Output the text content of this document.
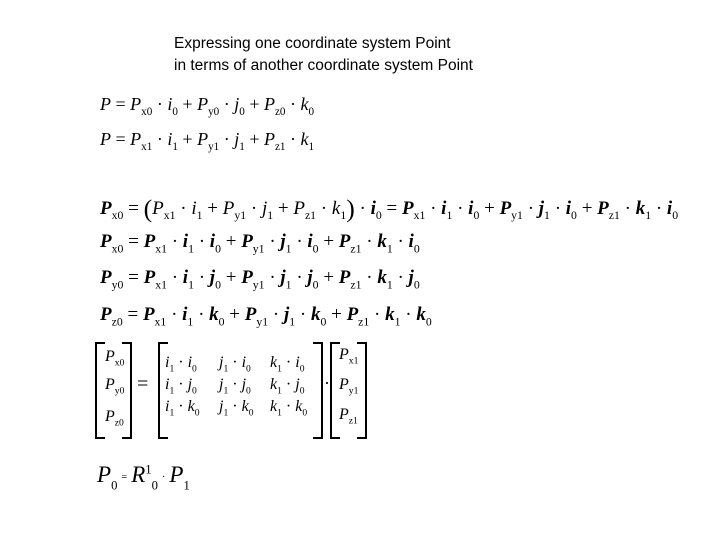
Expressing one coordinate system Point
in terms of another coordinate system Point
$P = P_{x0} \cdot i_0 + P_{y0} \cdot j_0 + P_{z0} \cdot k_0$
$P = P_{x1} \cdot i_1 + P_{y1} \cdot j_1 + P_{z1} \cdot k_1$
$P_{x0} = (P_{x1} \cdot i_1 + P_{y1} \cdot j_1 + P_{z1} \cdot k_1) \cdot i_0 = P_{x1} \cdot i_1 \cdot i_0 + P_{y1} \cdot j_1 \cdot i_0 + P_{z1} \cdot k_1 \cdot i_0$
$P_{x0} = P_{x1} \cdot i_1 \cdot i_0 + P_{y1} \cdot j_1 \cdot i_0 + P_{z1} \cdot k_1 \cdot i_0$
$P_{y0} = P_{x1} \cdot i_1 \cdot j_0 + P_{y1} \cdot j_1 \cdot j_0 + P_{z1} \cdot k_1 \cdot j_0$
$P_{z0} = P_{x1} \cdot i_1 \cdot k_0 + P_{y1} \cdot j_1 \cdot k_0 + P_{z1} \cdot k_1 \cdot k_0$
$P_{x0}$
$P_{y0}$
$P_{z0}$
=
$i_1 \cdot i_0$ $j_1 \cdot i_0$ $k_1 \cdot i_0$
$i_1 \cdot j_0$ $j_1 \cdot j_0$ $k_1 \cdot j_0$
$i_1 \cdot k_0$ $j_1 \cdot k_0$ $k_1 \cdot k_0$
·
$P_{x1}$
$P_{y1}$
$P_{z1}$
$P_0= R^1_0\cdot P_1$
